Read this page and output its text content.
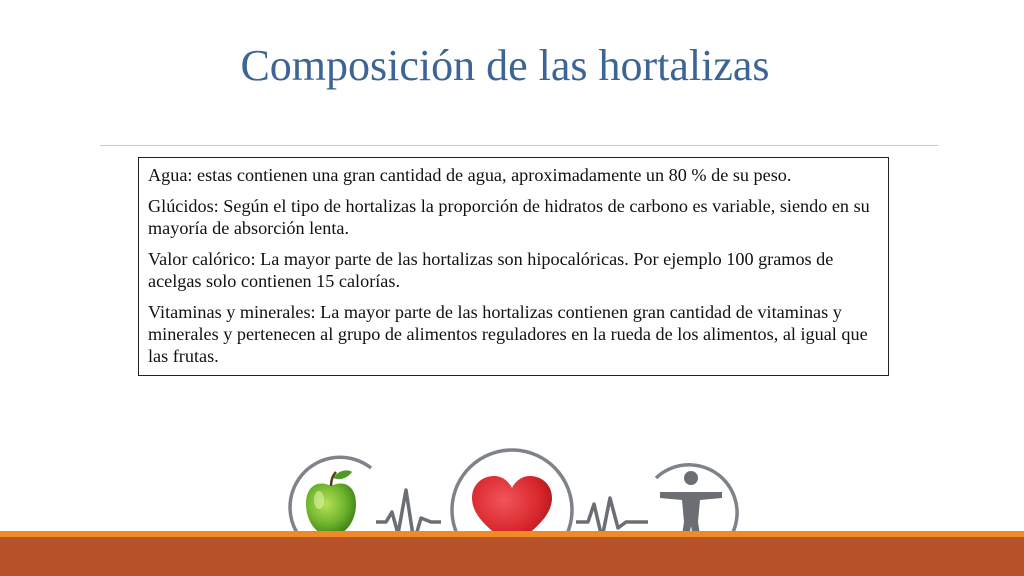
Composición de las hortalizas

Agua: estas contienen una gran cantidad de agua, aproximadamente un 80 % de su peso.

Glúcidos: Según el tipo de hortalizas la proporción de hidratos de carbono es variable, siendo en su mayoría de absorción lenta.

Valor calórico: La mayor parte de las hortalizas son hipocalóricas. Por ejemplo 100 gramos de acelgas solo contienen 15 calorías.

Vitaminas y minerales: La mayor parte de las hortalizas contienen gran cantidad de vitaminas y minerales y pertenecen al grupo de alimentos reguladores en la rueda de los alimentos, al igual que las frutas.
